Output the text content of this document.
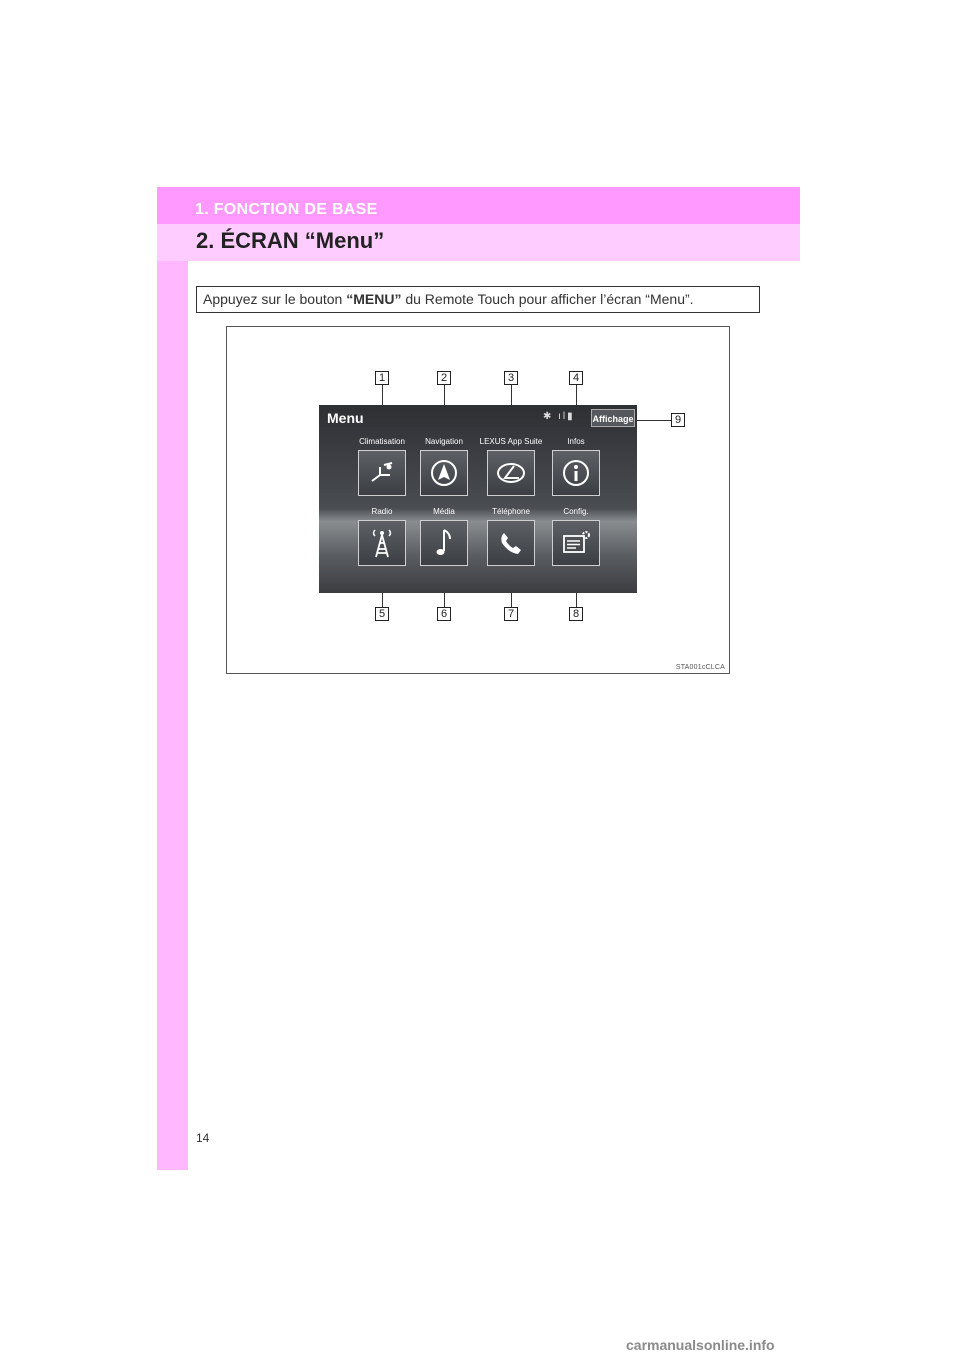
1. FONCTION DE BASE
2. ÉCRAN “Menu”
Appuyez sur le bouton “MENU” du Remote Touch pour afficher l’écran “Menu”.
1	2	3	4
9
5	6	7	8
Menu	✱ ıl▮ Affichage
Climatisation	Navigation	LEXUS App Suite	Infos
Radio	Média	Téléphone	Config.
STA001cCLCA
14
carmanualsonline.info
